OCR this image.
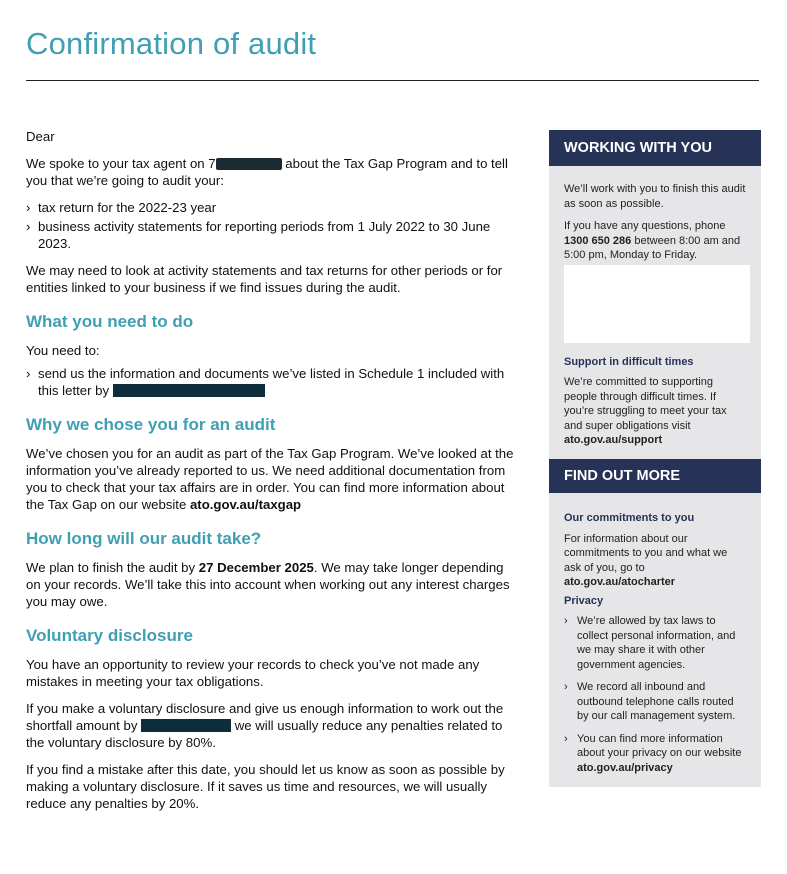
Confirmation of audit

Dear

We spoke to your tax agent on 7	about the Tax Gap Program and to tell you that we’re going to audit your:

› tax return for the 2022-23 year
› business activity statements for reporting periods from 1 July 2022 to 30 June 2023.

We may need to look at activity statements and tax returns for other periods or for entities linked to your business if we find issues during the audit.

What you need to do

You need to:

› send us the information and documents we’ve listed in Schedule 1 included with this letter by
Why we chose you for an audit

We’ve chosen you for an audit as part of the Tax Gap Program. We’ve looked at the information you’ve already reported to us. We need additional documentation from you to check that your tax affairs are in order. You can find more information about the Tax Gap on our website ato.gov.au/taxgap

How long will our audit take?

We plan to finish the audit by 27 December 2025. We may take longer depending on your records. We’ll take this into account when working out any interest charges you may owe.

Voluntary disclosure

You have an opportunity to review your records to check you’ve not made any mistakes in meeting your tax obligations.

If you make a voluntary disclosure and give us enough information to work out the shortfall amount by	we will usually reduce any penalties related to the voluntary disclosure by 80%.

If you find a mistake after this date, you should let us know as soon as possible by making a voluntary disclosure. If it saves us time and resources, we will usually reduce any penalties by 20%.

WORKING WITH YOU

We’ll work with you to finish this audit as soon as possible.

If you have any questions, phone 1300 650 286 between 8:00 am and 5:00 pm, Monday to Friday.

Support in difficult times

We’re committed to supporting people through difficult times. If you’re struggling to meet your tax and super obligations visit ato.gov.au/support

FIND OUT MORE
Our commitments to you

For information about our commitments to you and what we ask of you, go to ato.gov.au/atocharter

Privacy
› We’re allowed by tax laws to collect personal information, and we may share it with other government agencies.
› We record all inbound and outbound telephone calls routed by our call management system.
› You can find more information about your privacy on our website ato.gov.au/privacy
